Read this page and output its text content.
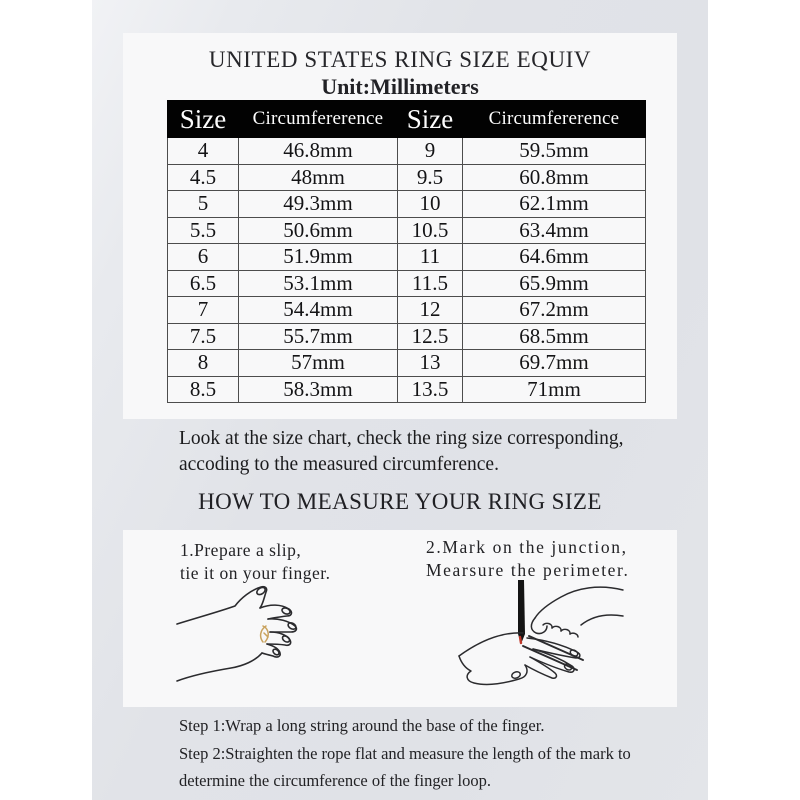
UNITED STATES RING SIZE EQUIV
Unit:Millimeters
Size	Circumfererence	Size	Circumfererence
4	46.8mm	9	59.5mm
4.5	48mm	9.5	60.8mm
5	49.3mm	10	62.1mm
5.5	50.6mm	10.5	63.4mm
6	51.9mm	11	64.6mm
6.5	53.1mm	11.5	65.9mm
7	54.4mm	12	67.2mm
7.5	55.7mm	12.5	68.5mm
8	57mm	13	69.7mm
8.5	58.3mm	13.5	71mm
Look at the size chart, check the ring size corresponding,
accoding to the measured circumference.
HOW TO MEASURE YOUR RING SIZE
1.Prepare a slip,
tie it on your finger.
2.Mark on the junction,
Mearsure the perimeter.
Step 1:Wrap a long string around the base of the finger.
Step 2:Straighten the rope flat and measure the length of the mark to
determine the circumference of the finger loop.
